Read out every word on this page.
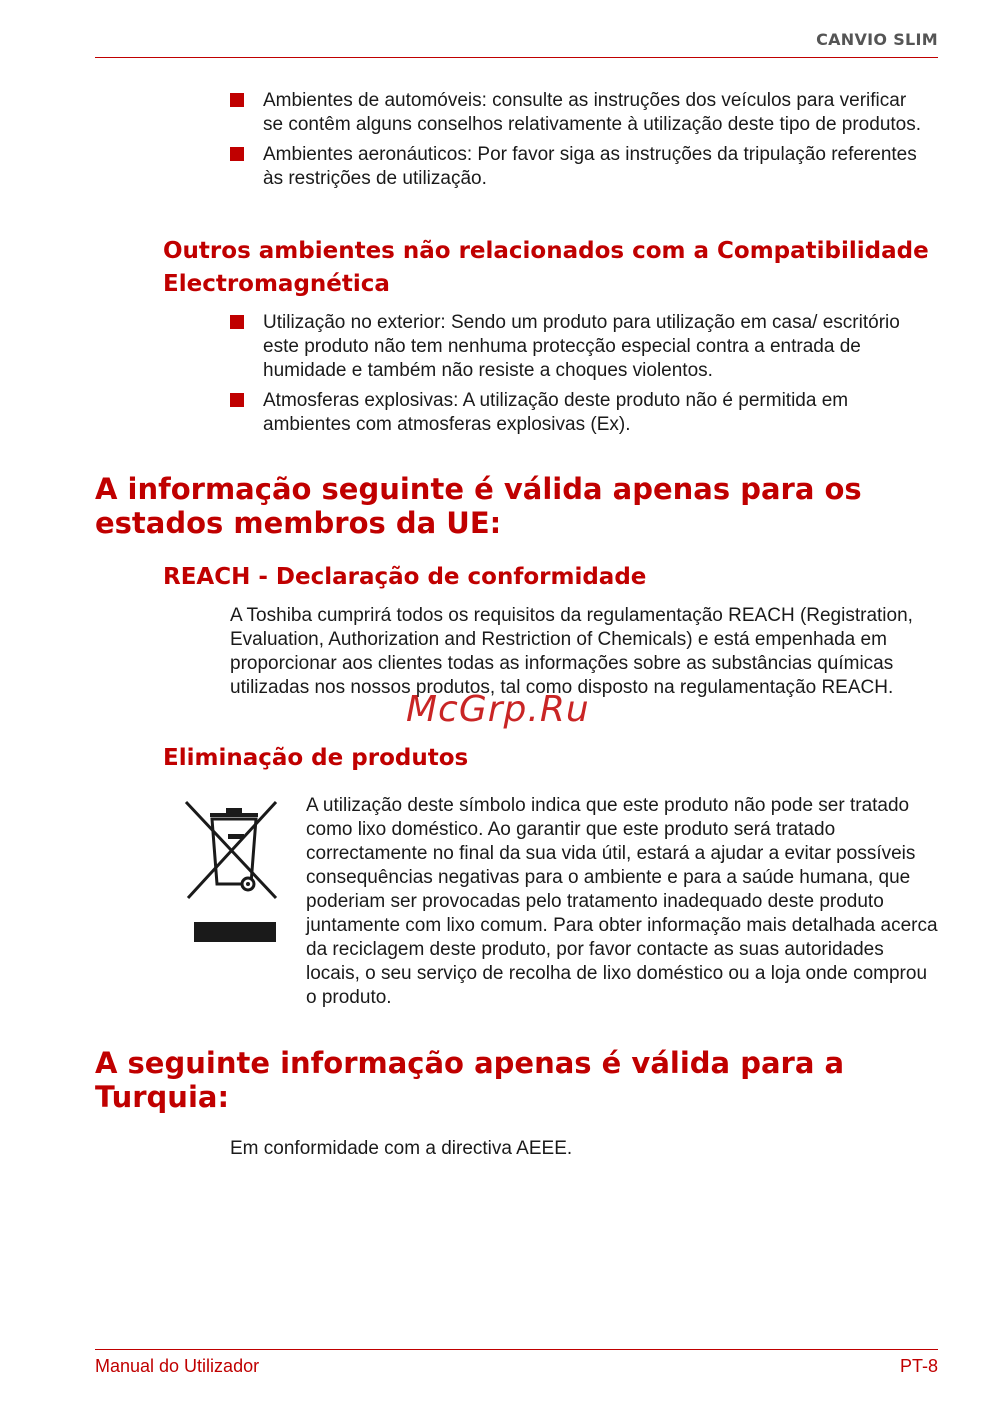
CANVIO SLIM
Ambientes de automóveis: consulte as instruções dos veículos para verificar se contêm alguns conselhos relativamente à utilização deste tipo de produtos.
Ambientes aeronáuticos: Por favor siga as instruções da tripulação referentes às restrições de utilização.
Outros ambientes não relacionados com a Compatibilidade Electromagnética
Utilização no exterior: Sendo um produto para utilização em casa/ escritório este produto não tem nenhuma protecção especial contra a entrada de humidade e também não resiste a choques violentos.
Atmosferas explosivas: A utilização deste produto não é permitida em ambientes com atmosferas explosivas (Ex).
A informação seguinte é válida apenas para os estados membros da UE:
REACH - Declaração de conformidade

A Toshiba cumprirá todos os requisitos da regulamentação REACH (Registration, Evaluation, Authorization and Restriction of Chemicals) e está empenhada em proporcionar aos clientes todas as informações sobre as substâncias químicas utilizadas nos nossos produtos, tal como disposto na regulamentação REACH.

McGrp.Ru
Eliminação de produtos

A utilização deste símbolo indica que este produto não pode ser tratado como lixo doméstico. Ao garantir que este produto será tratado correctamente no final da sua vida útil, estará a ajudar a evitar possíveis consequências negativas para o ambiente e para a saúde humana, que poderiam ser provocadas pelo tratamento inadequado deste produto juntamente com lixo comum. Para obter informação mais detalhada acerca da reciclagem deste produto, por favor contacte as suas autoridades locais, o seu serviço de recolha de lixo doméstico ou a loja onde comprou o produto.

A seguinte informação apenas é válida para a Turquia:

Em conformidade com a directiva AEEE.

Manual do Utilizador	PT-8
